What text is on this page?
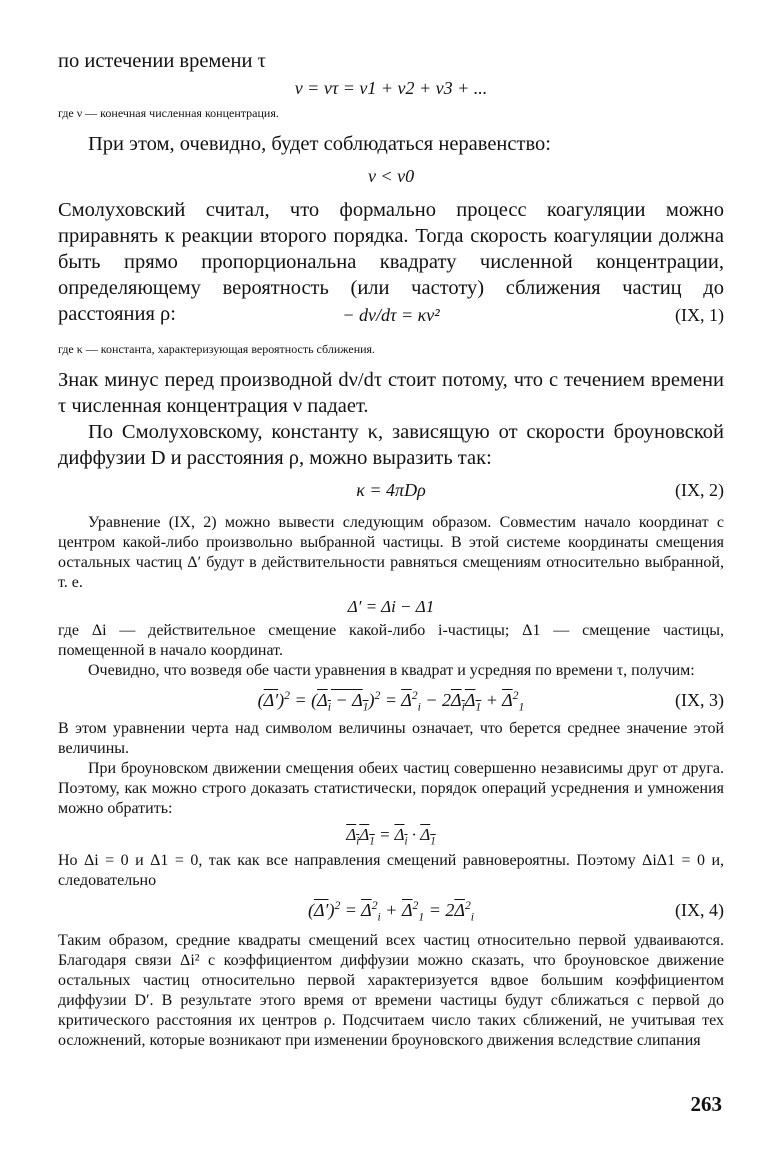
по истечении времени τ

ν = ντ = ν1 + ν2 + ν3 + ...

где ν — конечная численная концентрация.

При этом, очевидно, будет соблюдаться неравенство:

ν < ν0

Смолуховский считал, что формально процесс коагуляции можно приравнять к реакции второго порядка. Тогда скорость коагуляции должна быть прямо пропорциональна квадрату численной концентрации, определяющему вероятность (или частоту) сближения частиц до расстояния ρ:	− dν/dτ = κν²	(IX, 1)

где κ — константа, характеризующая вероятность сближения.

Знак минус перед производной dν/dτ стоит потому, что с течением времени τ численная концентрация ν падает.

По Смолуховскому, константу κ, зависящую от скорости броуновской диффузии D и расстояния ρ, можно выразить так:

κ = 4πDρ	(IX, 2)

Уравнение (IX, 2) можно вывести следующим образом. Совместим начало координат с центром какой-либо произвольно выбранной частицы. В этой системе координаты смещения остальных частиц Δ′ будут в действительности равняться смещениям относительно выбранной, т. е.

Δ′ = Δi − Δ1

где Δi — действительное смещение какой-либо i-частицы; Δ1 — смещение частицы, помещенной в начало координат.

Очевидно, что возведя обе части уравнения в квадрат и усредняя по времени τ, получим:

$(\Delta')^2 = (\Delta_i - \Delta_1)^2 = \overline{\Delta}^2_i - 2\Delta_i\Delta_1 + \overline{\Delta}^2_1$	(IX, 3)

В этом уравнении черта над символом величины означает, что берется среднее значение этой величины.

При броуновском движении смещения обеих частиц совершенно независимы друг от друга. Поэтому, как можно строго доказать статистически, порядок операций усреднения и умножения можно обратить:

$\Delta_i\Delta_1 = \Delta_i \cdot \Delta_1$

Но Δi = 0 и Δ1 = 0, так как все направления смещений равновероятны. Поэтому ΔiΔ1 = 0 и, следовательно

$(\Delta')^2 = \overline{\Delta}^2_i + \overline{\Delta}^2_1 = 2\overline{\Delta}^2_i$	(IX, 4)

Таким образом, средние квадраты смещений всех частиц относительно первой удваиваются. Благодаря связи Δi² с коэффициентом диффузии можно сказать, что броуновское движение остальных частиц относительно первой характеризуется вдвое большим коэффициентом диффузии D′. В результате этого время от времени частицы будут сближаться с первой до критического расстояния их центров ρ. Подсчитаем число таких сближений, не учитывая тех осложнений, которые возникают при изменении броуновского движения вследствие слипания

263
